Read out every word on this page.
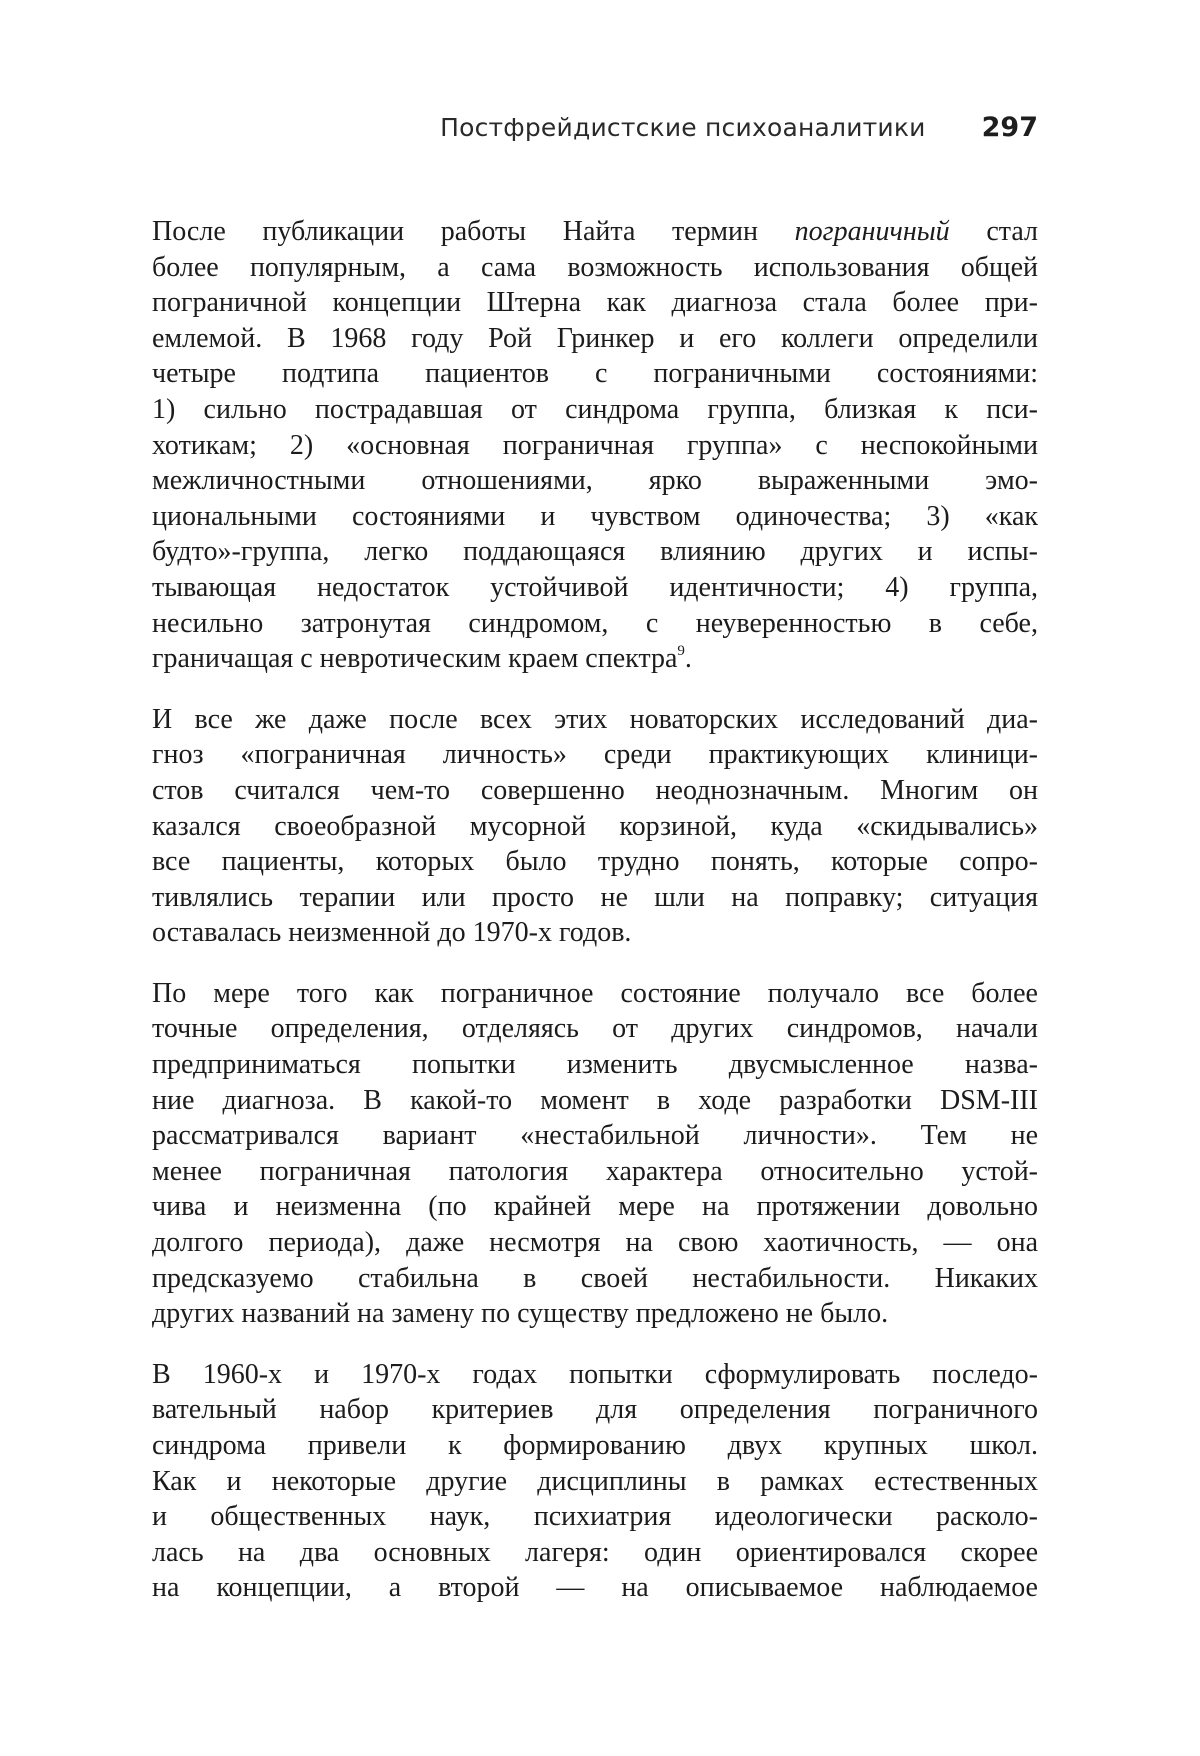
Постфрейдистские психоаналитики 297

После публикации работы Найта термин пограничный стал
более популярным, а сама возможность использования общей
пограничной концепции Штерна как диагноза стала более при-
емлемой. В 1968 году Рой Гринкер и его коллеги определили
четыре подтипа пациентов с пограничными состояниями:
1) сильно пострадавшая от синдрома группа, близкая к пси-
хотикам; 2) «основная пограничная группа» с неспокойными
межличностными отношениями, ярко выраженными эмо-
циональными состояниями и чувством одиночества; 3) «как
будто»-группа, легко поддающаяся влиянию других и испы-
тывающая недостаток устойчивой идентичности; 4) группа,
несильно затронутая синдромом, с неуверенностью в себе,
граничащая с невротическим краем спектра$^9$.

И все же даже после всех этих новаторских исследований диа-
гноз «пограничная личность» среди практикующих клиници-
стов считался чем-то совершенно неоднозначным. Многим он
казался своеобразной мусорной корзиной, куда «скидывались»
все пациенты, которых было трудно понять, которые сопро-
тивлялись терапии или просто не шли на поправку; ситуация
оставалась неизменной до 1970-х годов.

По мере того как пограничное состояние получало все более
точные определения, отделяясь от других синдромов, начали
предприниматься попытки изменить двусмысленное назва-
ние диагноза. В какой-то момент в ходе разработки DSM-III
рассматривался вариант «нестабильной личности». Тем не
менее пограничная патология характера относительно устой-
чива и неизменна (по крайней мере на протяжении довольно
долгого периода), даже несмотря на свою хаотичность, — она
предсказуемо стабильна в своей нестабильности. Никаких
других названий на замену по существу предложено не было.

В 1960-х и 1970-х годах попытки сформулировать последо-
вательный набор критериев для определения пограничного
синдрома привели к формированию двух крупных школ.
Как и некоторые другие дисциплины в рамках естественных
и общественных наук, психиатрия идеологически расколо-
лась на два основных лагеря: один ориентировался скорее
на концепции, а второй — на описываемое наблюдаемое
